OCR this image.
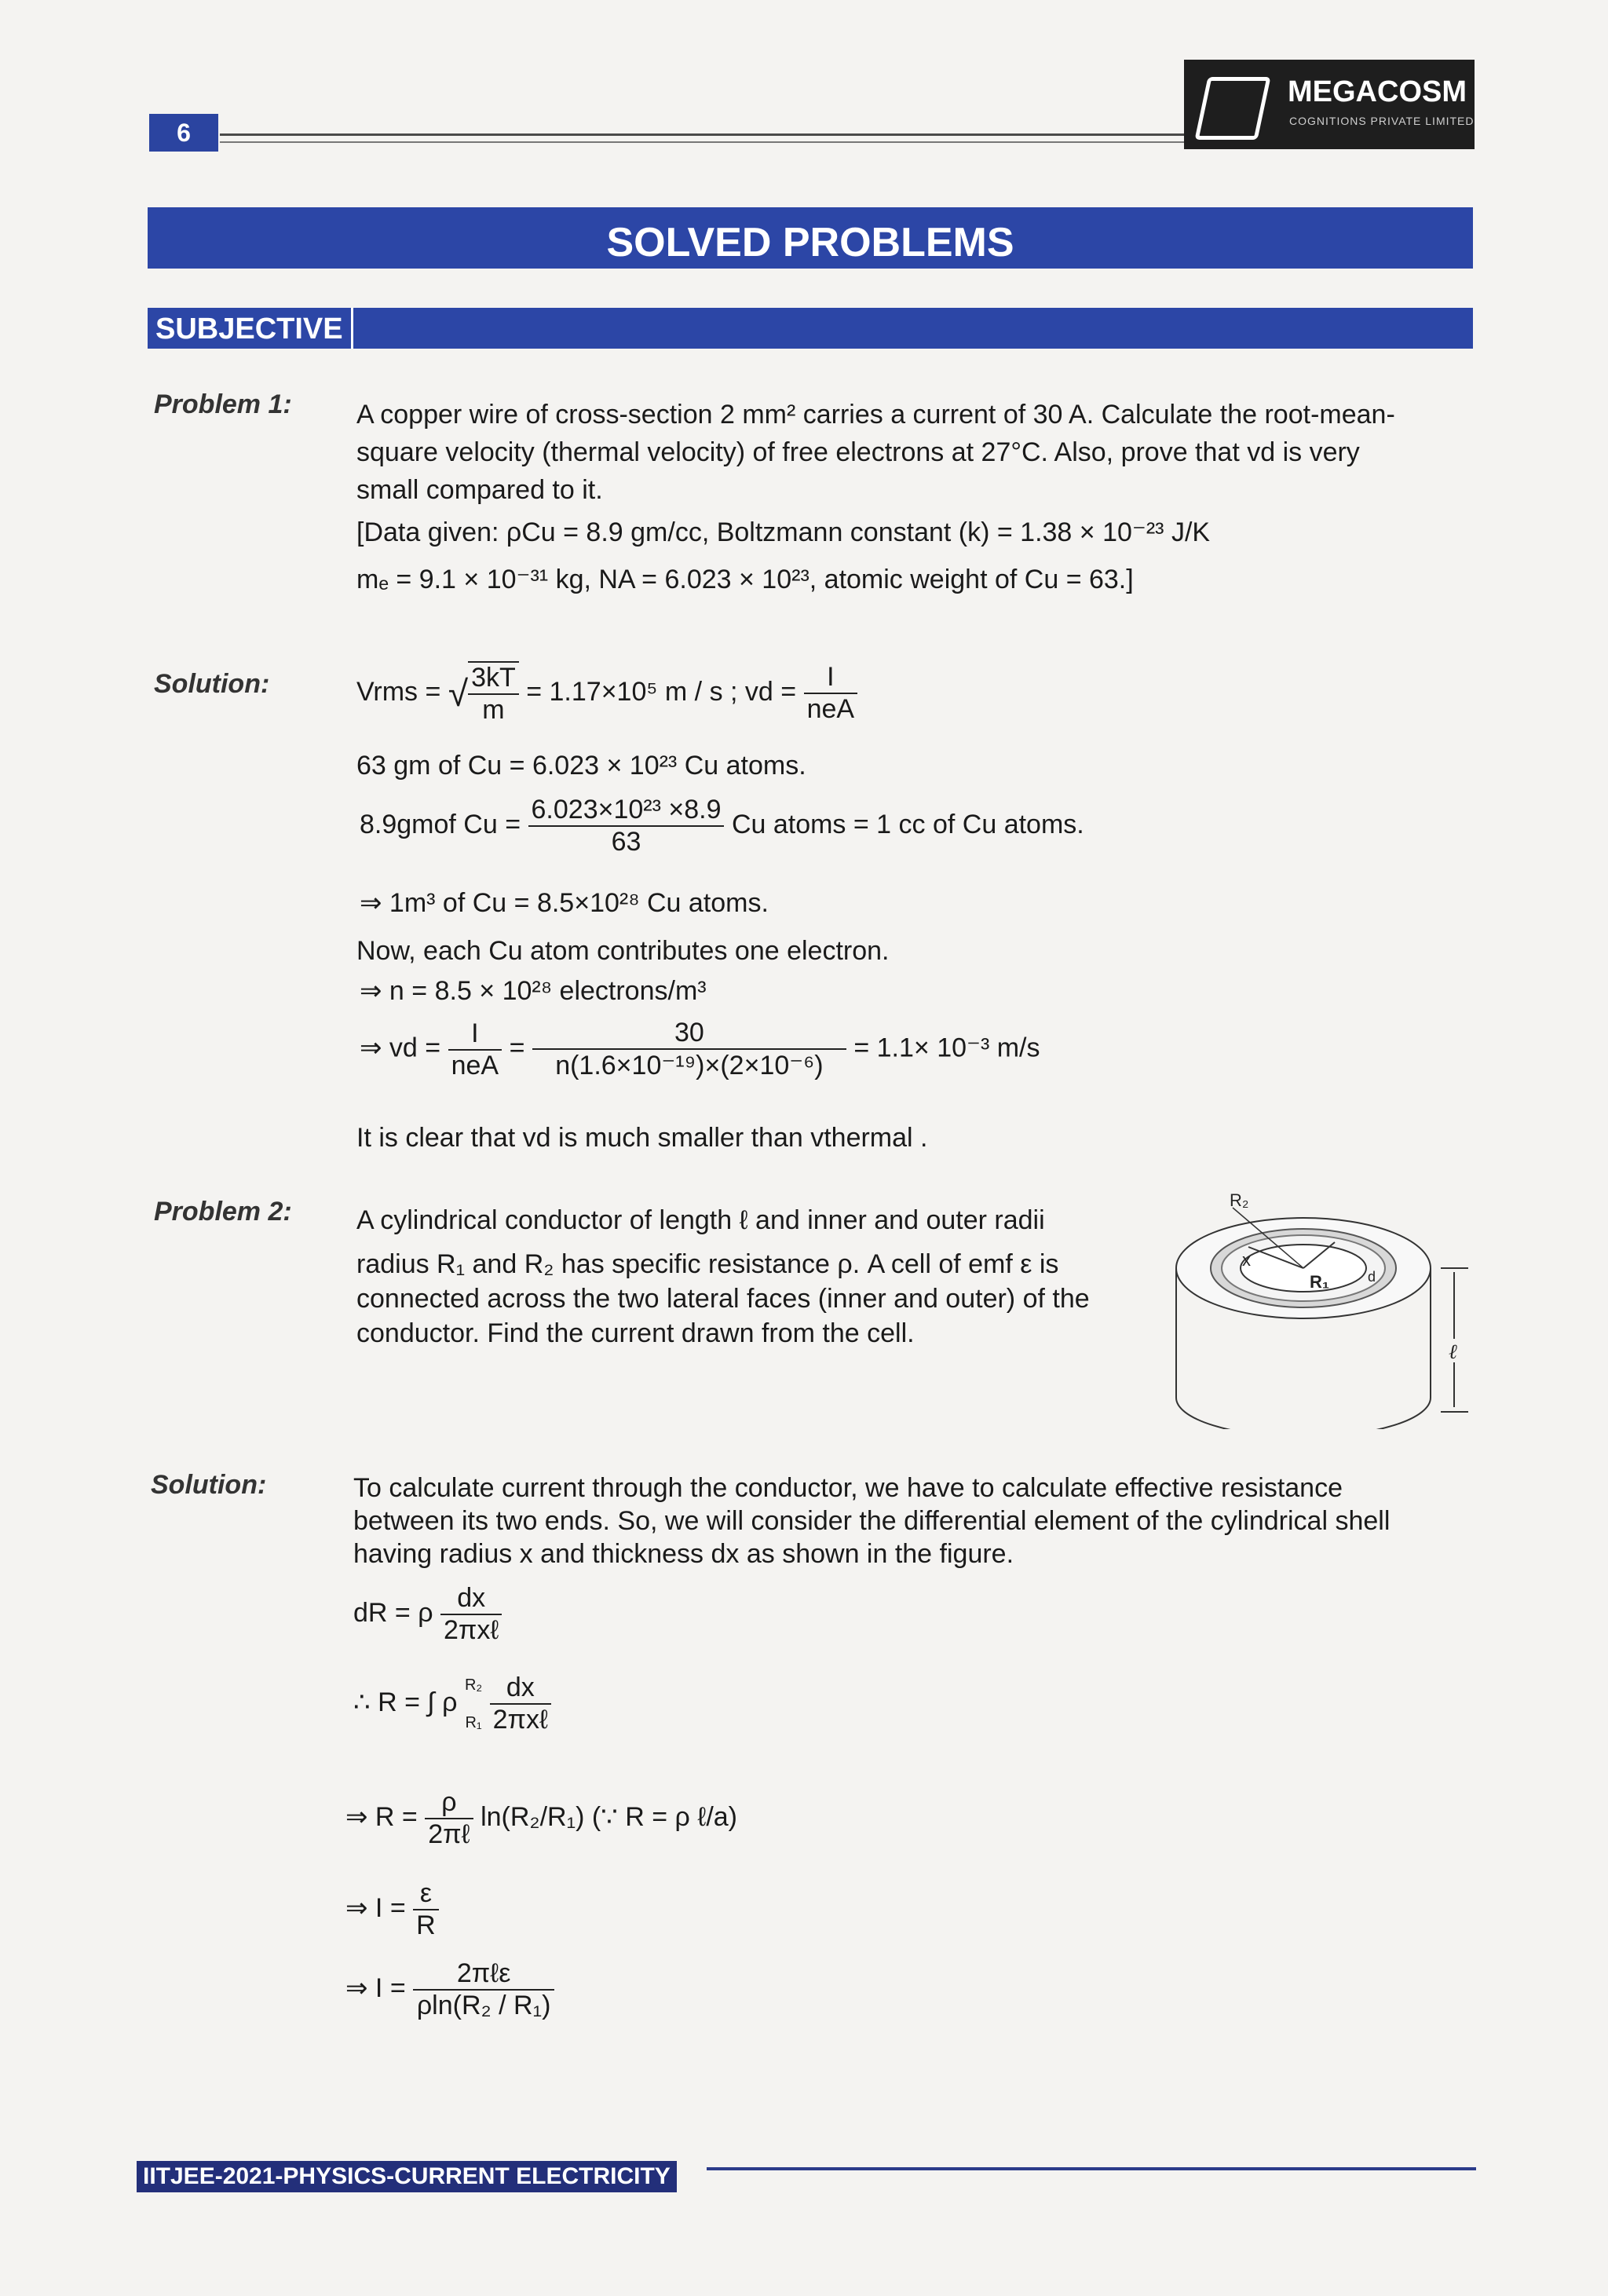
6
MEGACOSM
COGNITIONS PRIVATE LIMITED
SOLVED PROBLEMS
SUBJECTIVE
Problem 1: A copper wire of cross-section 2 mm² carries a current of 30 A. Calculate the root-mean-
square velocity (thermal velocity) of free electrons at 27°C. Also, prove that vd is very
small compared to it.
[Data given: ρCu = 8.9 gm/cc, Boltzmann constant (k) = 1.38 × 10⁻²³ J/K
mₑ = 9.1 × 10⁻³¹ kg, NA = 6.023 × 10²³, atomic weight of Cu = 63.]
Solution:	Vrms = √ $\frac{3kT}{m} = 1.17\times 10^5$ m / s ; vd = $\frac{I}{\text{neA}}$
63 gm of Cu = 6.023 × 10²³ Cu atoms.
8.9gmof $Cu = \frac{\text{6.023×10²³ ×8.9}}{63}$ Cu atoms = 1 cc of Cu atoms.
⇒ 1m³ of Cu = 8.5×10²⁸ Cu atoms.
Now, each Cu atom contributes one electron.
⇒ n = 8.5 × 10²⁸ electrons/m³
⇒ vd = $\frac{I}{\text{neA}} = \frac{30}{\text{n(1.6×10⁻¹⁹)×(2×10⁻⁶)}} = 1.1\times 10^{-3}$ m/s
It is clear that vd is much smaller than vthermal .
Problem 2: A cylindrical conductor of length ℓ and inner and outer radii
radius R₁ and R₂ has specific resistance ρ. A cell of emf ε is
connected across the two lateral faces (inner and outer) of the
conductor. Find the current drawn from the cell.
R₂
x
R₁	d
ℓ
Solution:	To calculate current through the conductor, we have to calculate effective resistance
between its two ends. So, we will consider the differential element of the cylindrical shell
having radius x and thickness dx as shown in the figure.
dR = ρ $\frac{dx}{\text{2πxℓ}}$
∴ R = ∫ ρ
R₂
R₁
$\frac{dx}{\text{2πxℓ}}$
⇒ $R = \frac{\rho}{\text{2πℓ}} \ln(R_2/R_1)$ (∵ R = ρ ℓ/a)
⇒ $I = \frac{\varepsilon}{R}$
⇒ $I = \frac{\text{2πℓε}}{\text{ρln(R₂ / R₁)}}$
IITJEE-2021-PHYSICS-CURRENT ELECTRICITY
